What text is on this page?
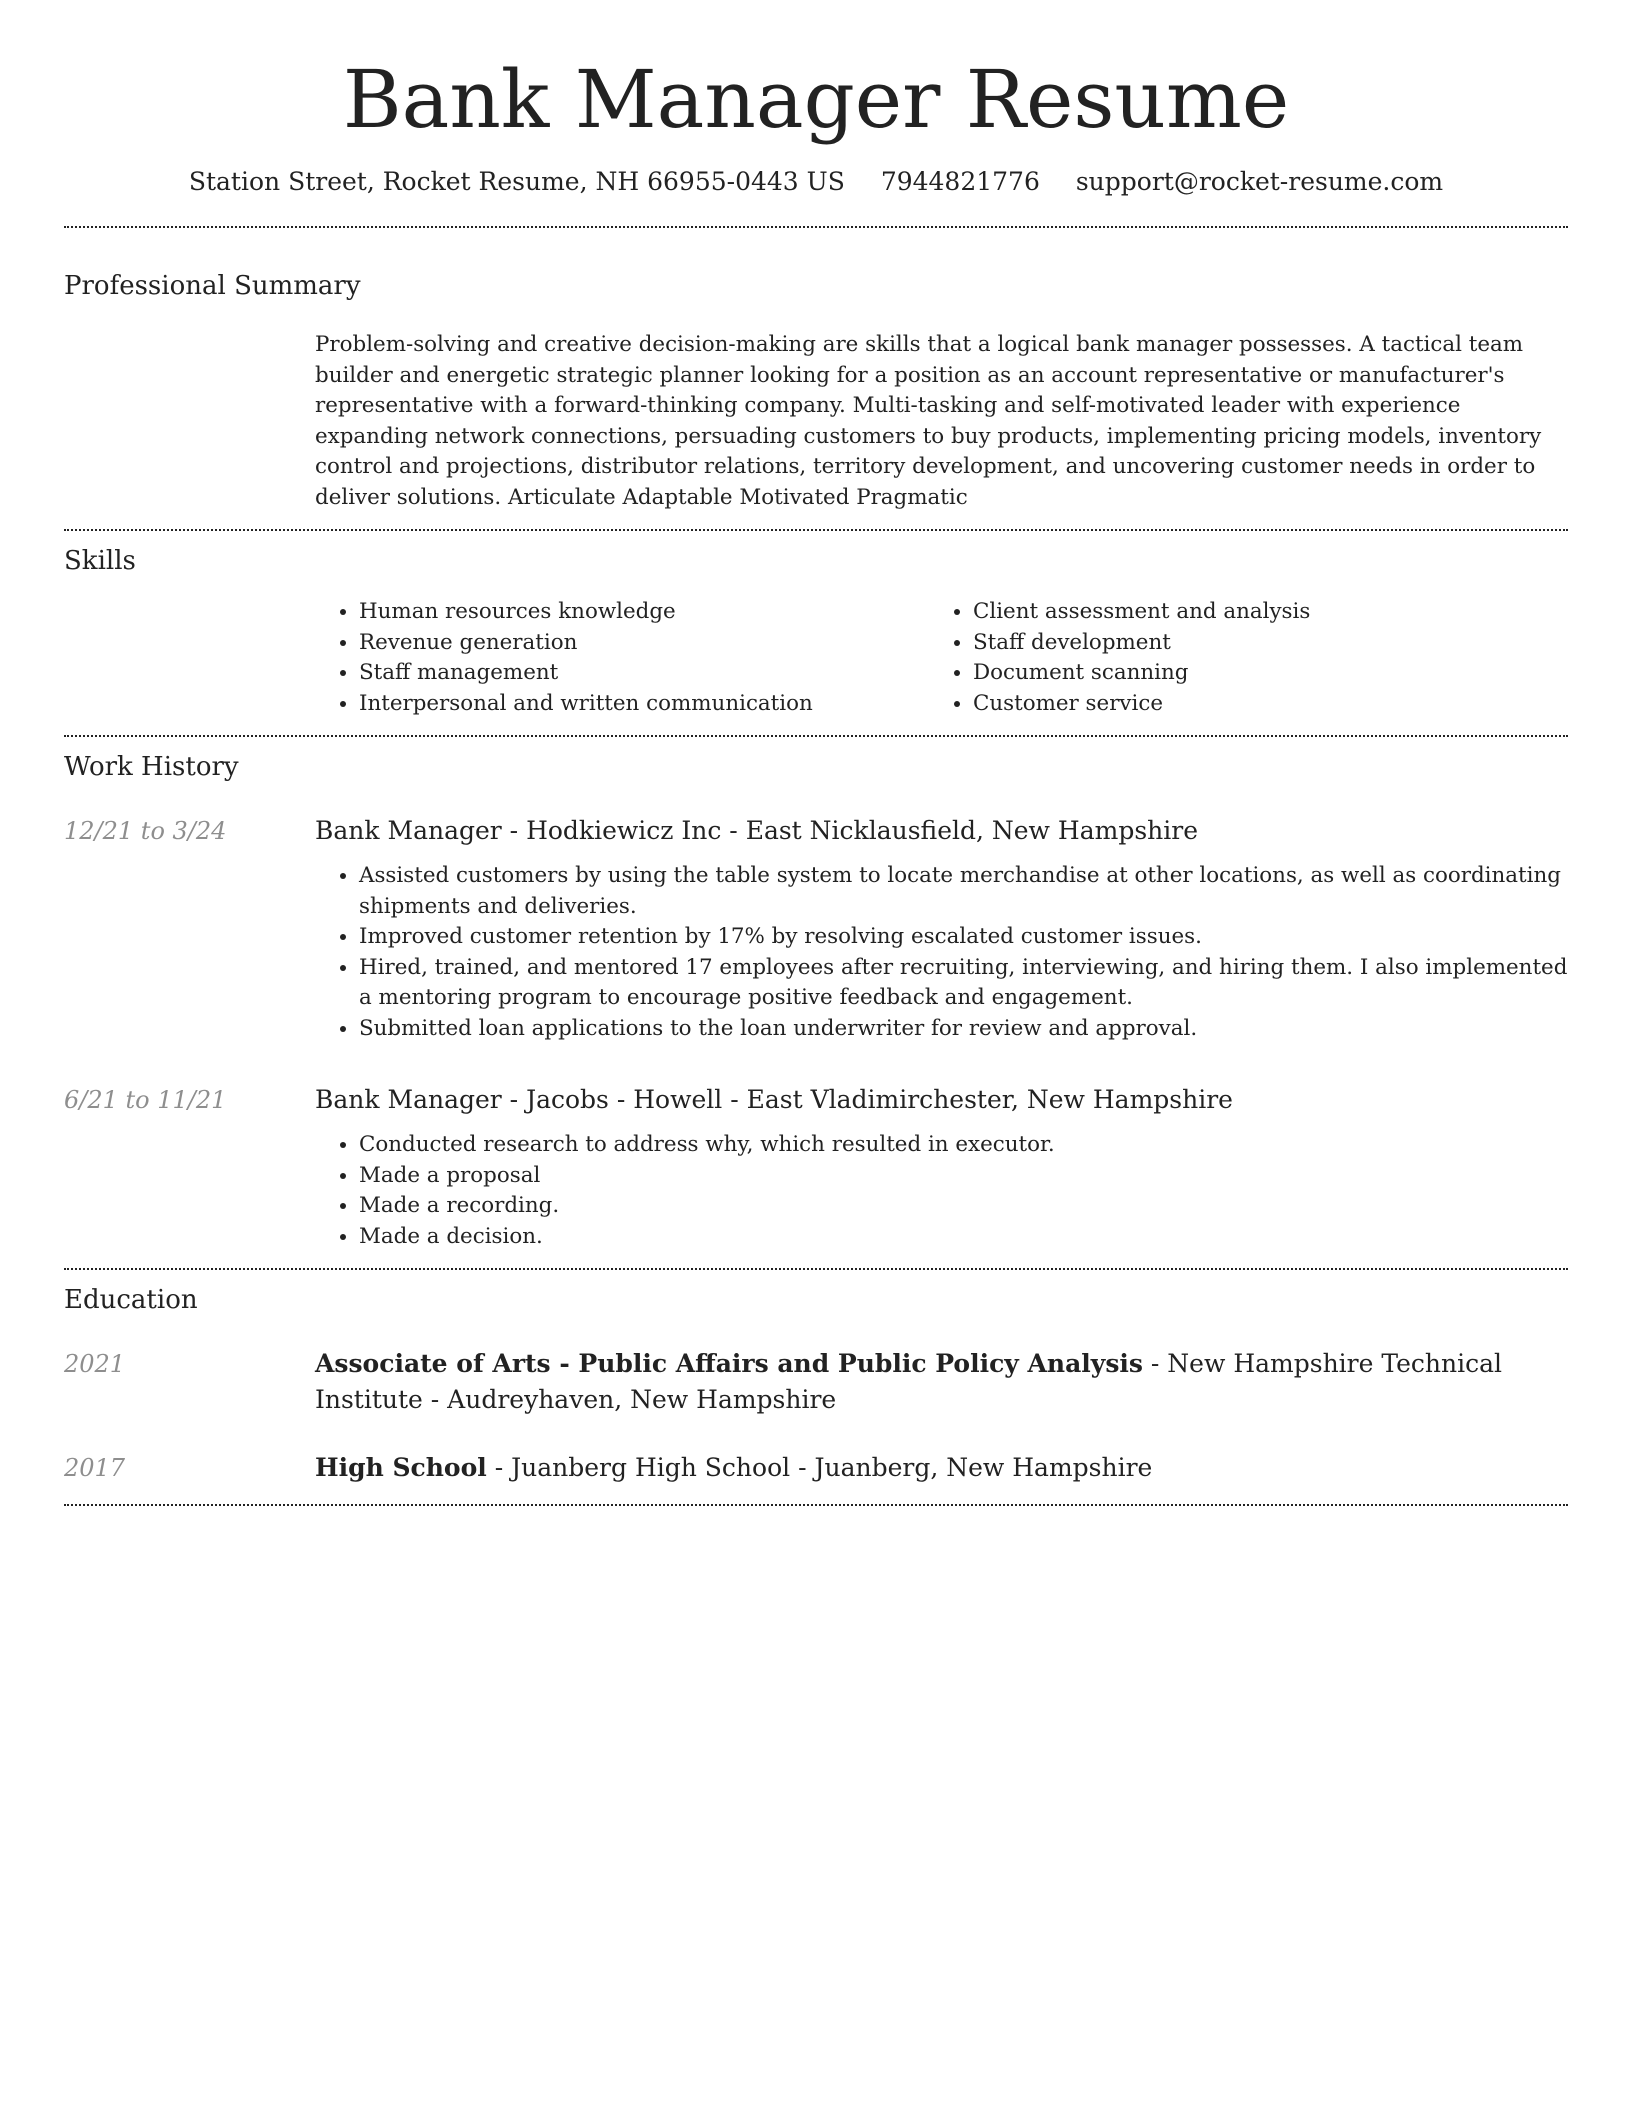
Bank Manager Resume
Station Street, Rocket Resume, NH 66955-0443 US 7944821776 support@rocket-resume.com
Professional Summary
Problem-solving and creative decision-making are skills that a logical bank manager possesses. A tactical team builder and energetic strategic planner looking for a position as an account representative or manufacturer's representative with a forward-thinking company. Multi-tasking and self-motivated leader with experience expanding network connections, persuading customers to buy products, implementing pricing models, inventory control and projections, distributor relations, territory development, and uncovering customer needs in order to deliver solutions. Articulate Adaptable Motivated Pragmatic
Skills
• Human resources knowledge
• Revenue generation
• Staff management
• Interpersonal and written communication
• Client assessment and analysis
• Staff development
• Document scanning
• Customer service
Work History
12/21 to 3/24	Bank Manager - Hodkiewicz Inc - East Nicklausfield, New Hampshire
• Assisted customers by using the table system to locate merchandise at other locations, as well as coordinating shipments and deliveries.
• Improved customer retention by 17% by resolving escalated customer issues.
• Hired, trained, and mentored 17 employees after recruiting, interviewing, and hiring them. I also implemented a mentoring program to encourage positive feedback and engagement.
• Submitted loan applications to the loan underwriter for review and approval.
6/21 to 11/21	Bank Manager - Jacobs - Howell - East Vladimirchester, New Hampshire
• Conducted research to address why, which resulted in executor.
• Made a proposal
• Made a recording.
• Made a decision.
Education
2021	Associate of Arts - Public Affairs and Public Policy Analysis - New Hampshire Technical Institute - Audreyhaven, New Hampshire
2017	High School - Juanberg High School - Juanberg, New Hampshire
